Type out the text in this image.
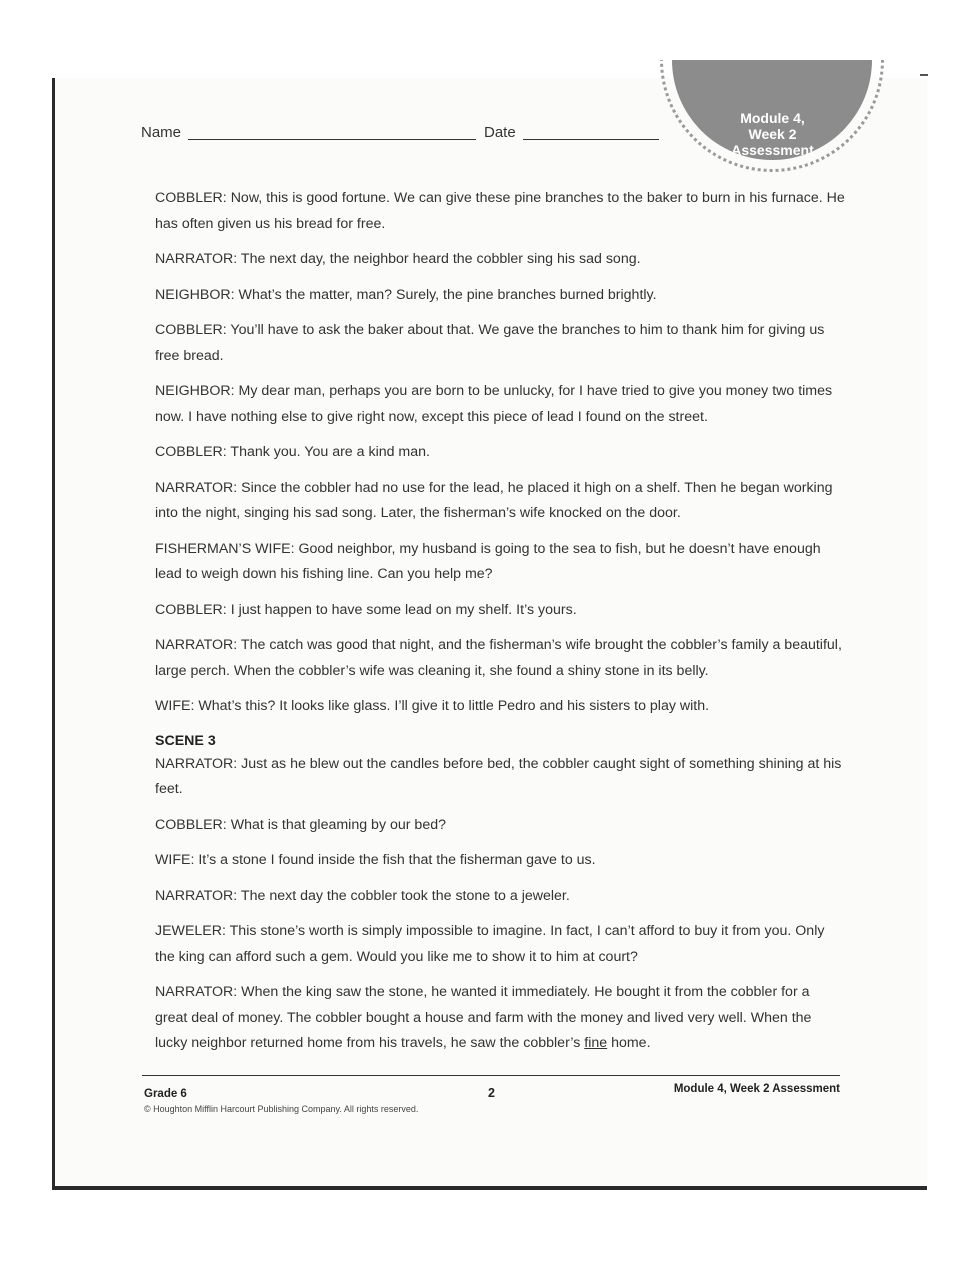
Name	Date
Module 4,
Week 2
Assessment

COBBLER: Now, this is good fortune. We can give these pine branches to the baker to burn in his furnace. He has often given us his bread for free.

NARRATOR: The next day, the neighbor heard the cobbler sing his sad song.

NEIGHBOR: What’s the matter, man? Surely, the pine branches burned brightly.

COBBLER: You’ll have to ask the baker about that. We gave the branches to him to thank him for giving us free bread.

NEIGHBOR: My dear man, perhaps you are born to be unlucky, for I have tried to give you money two times now. I have nothing else to give right now, except this piece of lead I found on the street.

COBBLER: Thank you. You are a kind man.

NARRATOR: Since the cobbler had no use for the lead, he placed it high on a shelf. Then he began working into the night, singing his sad song. Later, the fisherman’s wife knocked on the door.

FISHERMAN’S WIFE: Good neighbor, my husband is going to the sea to fish, but he doesn’t have enough lead to weigh down his fishing line. Can you help me?

COBBLER: I just happen to have some lead on my shelf. It’s yours.

NARRATOR: The catch was good that night, and the fisherman’s wife brought the cobbler’s family a beautiful, large perch. When the cobbler’s wife was cleaning it, she found a shiny stone in its belly.

WIFE: What’s this? It looks like glass. I’ll give it to little Pedro and his sisters to play with.

SCENE 3

NARRATOR: Just as he blew out the candles before bed, the cobbler caught sight of something shining at his feet.

COBBLER: What is that gleaming by our bed?

WIFE: It’s a stone I found inside the fish that the fisherman gave to us.

NARRATOR: The next day the cobbler took the stone to a jeweler.

JEWELER: This stone’s worth is simply impossible to imagine. In fact, I can’t afford to buy it from you. Only the king can afford such a gem. Would you like me to show it to him at court?

NARRATOR: When the king saw the stone, he wanted it immediately. He bought it from the cobbler for a great deal of money. The cobbler bought a house and farm with the money and lived very well. When the lucky neighbor returned home from his travels, he saw the cobbler’s fine home.

Grade 6	2	Module 4, Week 2 Assessment
© Houghton Mifflin Harcourt Publishing Company. All rights reserved.
